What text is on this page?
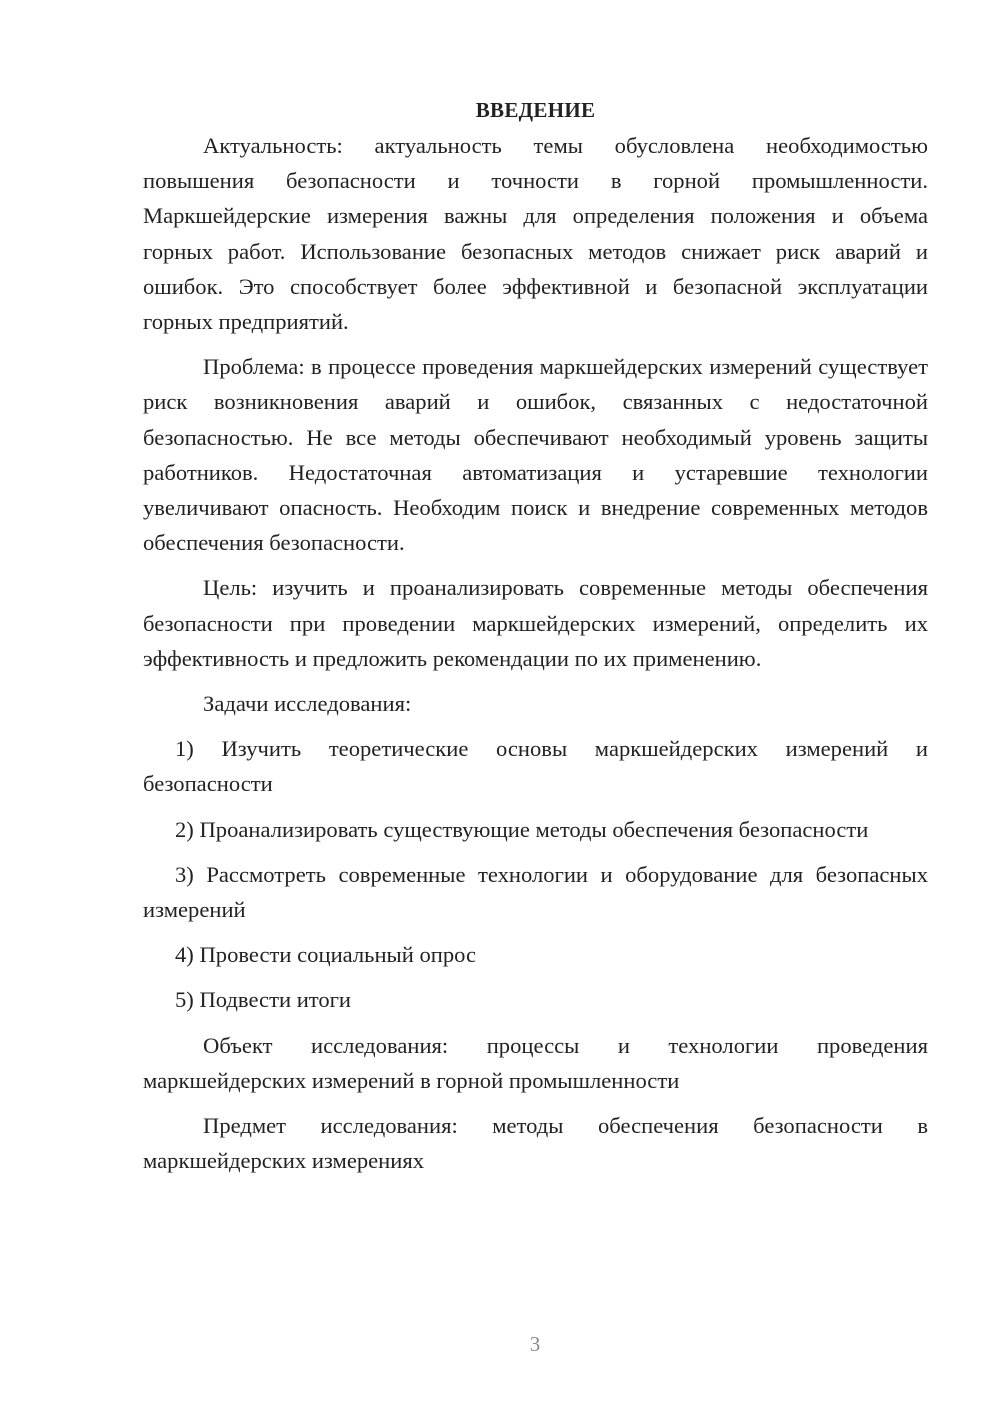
ВВЕДЕНИЕ

Актуальность: актуальность темы обусловлена необходимостью повышения безопасности и точности в горной промышленности. Маркшейдерские измерения важны для определения положения и объема горных работ. Использование безопасных методов снижает риск аварий и ошибок. Это способствует более эффективной и безопасной эксплуатации горных предприятий.

Проблема: в процессе проведения маркшейдерских измерений существует риск возникновения аварий и ошибок, связанных с недостаточной безопасностью. Не все методы обеспечивают необходимый уровень защиты работников. Недостаточная автоматизация и устаревшие технологии увеличивают опасность. Необходим поиск и внедрение современных методов обеспечения безопасности.

Цель: изучить и проанализировать современные методы обеспечения безопасности при проведении маркшейдерских измерений, определить их эффективность и предложить рекомендации по их применению.

Задачи исследования:

1) Изучить теоретические основы маркшейдерских измерений и безопасности

2) Проанализировать существующие методы обеспечения безопасности

3) Рассмотреть современные технологии и оборудование для безопасных измерений

4) Провести социальный опрос

5) Подвести итоги

Объект исследования: процессы и технологии проведения маркшейдерских измерений в горной промышленности

Предмет исследования: методы обеспечения безопасности в маркшейдерских измерениях

3
